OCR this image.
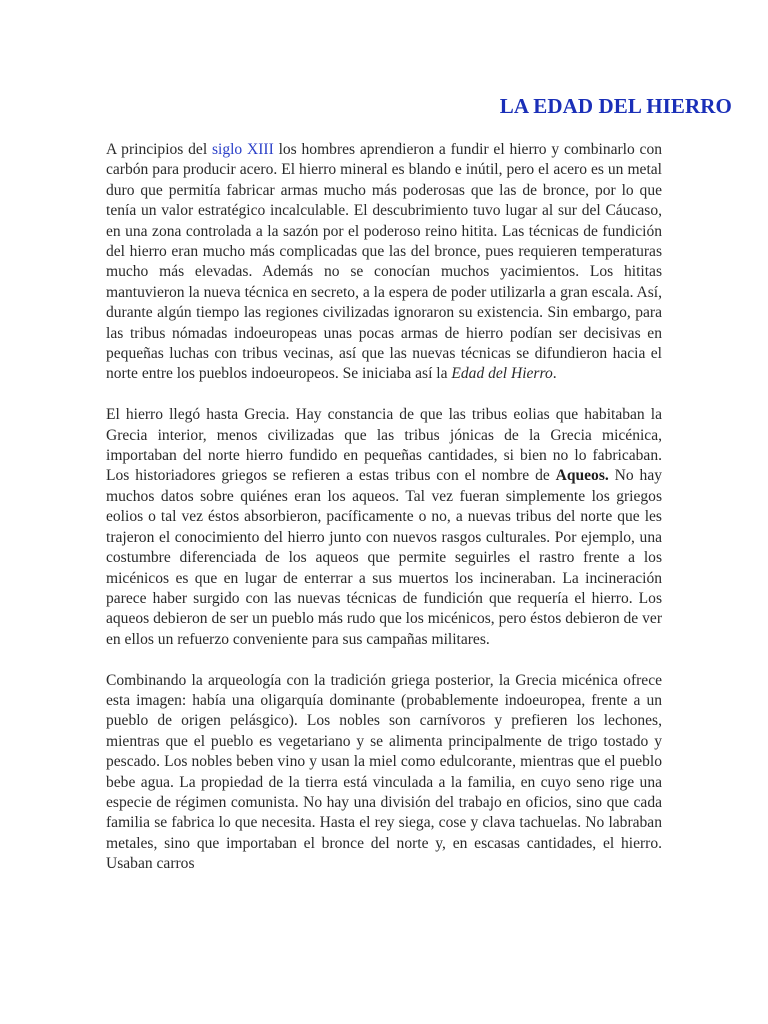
LA EDAD DEL HIERRO

A principios del siglo XIII los hombres aprendieron a fundir el hierro y combinarlo con carbón para producir acero. El hierro mineral es blando e inútil, pero el acero es un metal duro que permitía fabricar armas mucho más poderosas que las de bronce, por lo que tenía un valor estratégico incalculable. El descubrimiento tuvo lugar al sur del Cáucaso, en una zona controlada a la sazón por el poderoso reino hitita. Las técnicas de fundición del hierro eran mucho más complicadas que las del bronce, pues requieren temperaturas mucho más elevadas. Además no se conocían muchos yacimientos. Los hititas mantuvieron la nueva técnica en secreto, a la espera de poder utilizarla a gran escala. Así, durante algún tiempo las regiones civilizadas ignoraron su existencia. Sin embargo, para las tribus nómadas indoeuropeas unas pocas armas de hierro podían ser decisivas en pequeñas luchas con tribus vecinas, así que las nuevas técnicas se difundieron hacia el norte entre los pueblos indoeuropeos. Se iniciaba así la Edad del Hierro.

El hierro llegó hasta Grecia. Hay constancia de que las tribus eolias que habitaban la Grecia interior, menos civilizadas que las tribus jónicas de la Grecia micénica, importaban del norte hierro fundido en pequeñas cantidades, si bien no lo fabricaban. Los historiadores griegos se refieren a estas tribus con el nombre de Aqueos. No hay muchos datos sobre quiénes eran los aqueos. Tal vez fueran simplemente los griegos eolios o tal vez éstos absorbieron, pacíficamente o no, a nuevas tribus del norte que les trajeron el conocimiento del hierro junto con nuevos rasgos culturales. Por ejemplo, una costumbre diferenciada de los aqueos que permite seguirles el rastro frente a los micénicos es que en lugar de enterrar a sus muertos los incineraban. La incineración parece haber surgido con las nuevas técnicas de fundición que requería el hierro. Los aqueos debieron de ser un pueblo más rudo que los micénicos, pero éstos debieron de ver en ellos un refuerzo conveniente para sus campañas militares.

Combinando la arqueología con la tradición griega posterior, la Grecia micénica ofrece esta imagen: había una oligarquía dominante (probablemente indoeuropea, frente a un pueblo de origen pelásgico). Los nobles son carnívoros y prefieren los lechones, mientras que el pueblo es vegetariano y se alimenta principalmente de trigo tostado y pescado. Los nobles beben vino y usan la miel como edulcorante, mientras que el pueblo bebe agua. La propiedad de la tierra está vinculada a la familia, en cuyo seno rige una especie de régimen comunista. No hay una división del trabajo en oficios, sino que cada familia se fabrica lo que necesita. Hasta el rey siega, cose y clava tachuelas. No labraban metales, sino que importaban el bronce del norte y, en escasas cantidades, el hierro. Usaban carros
